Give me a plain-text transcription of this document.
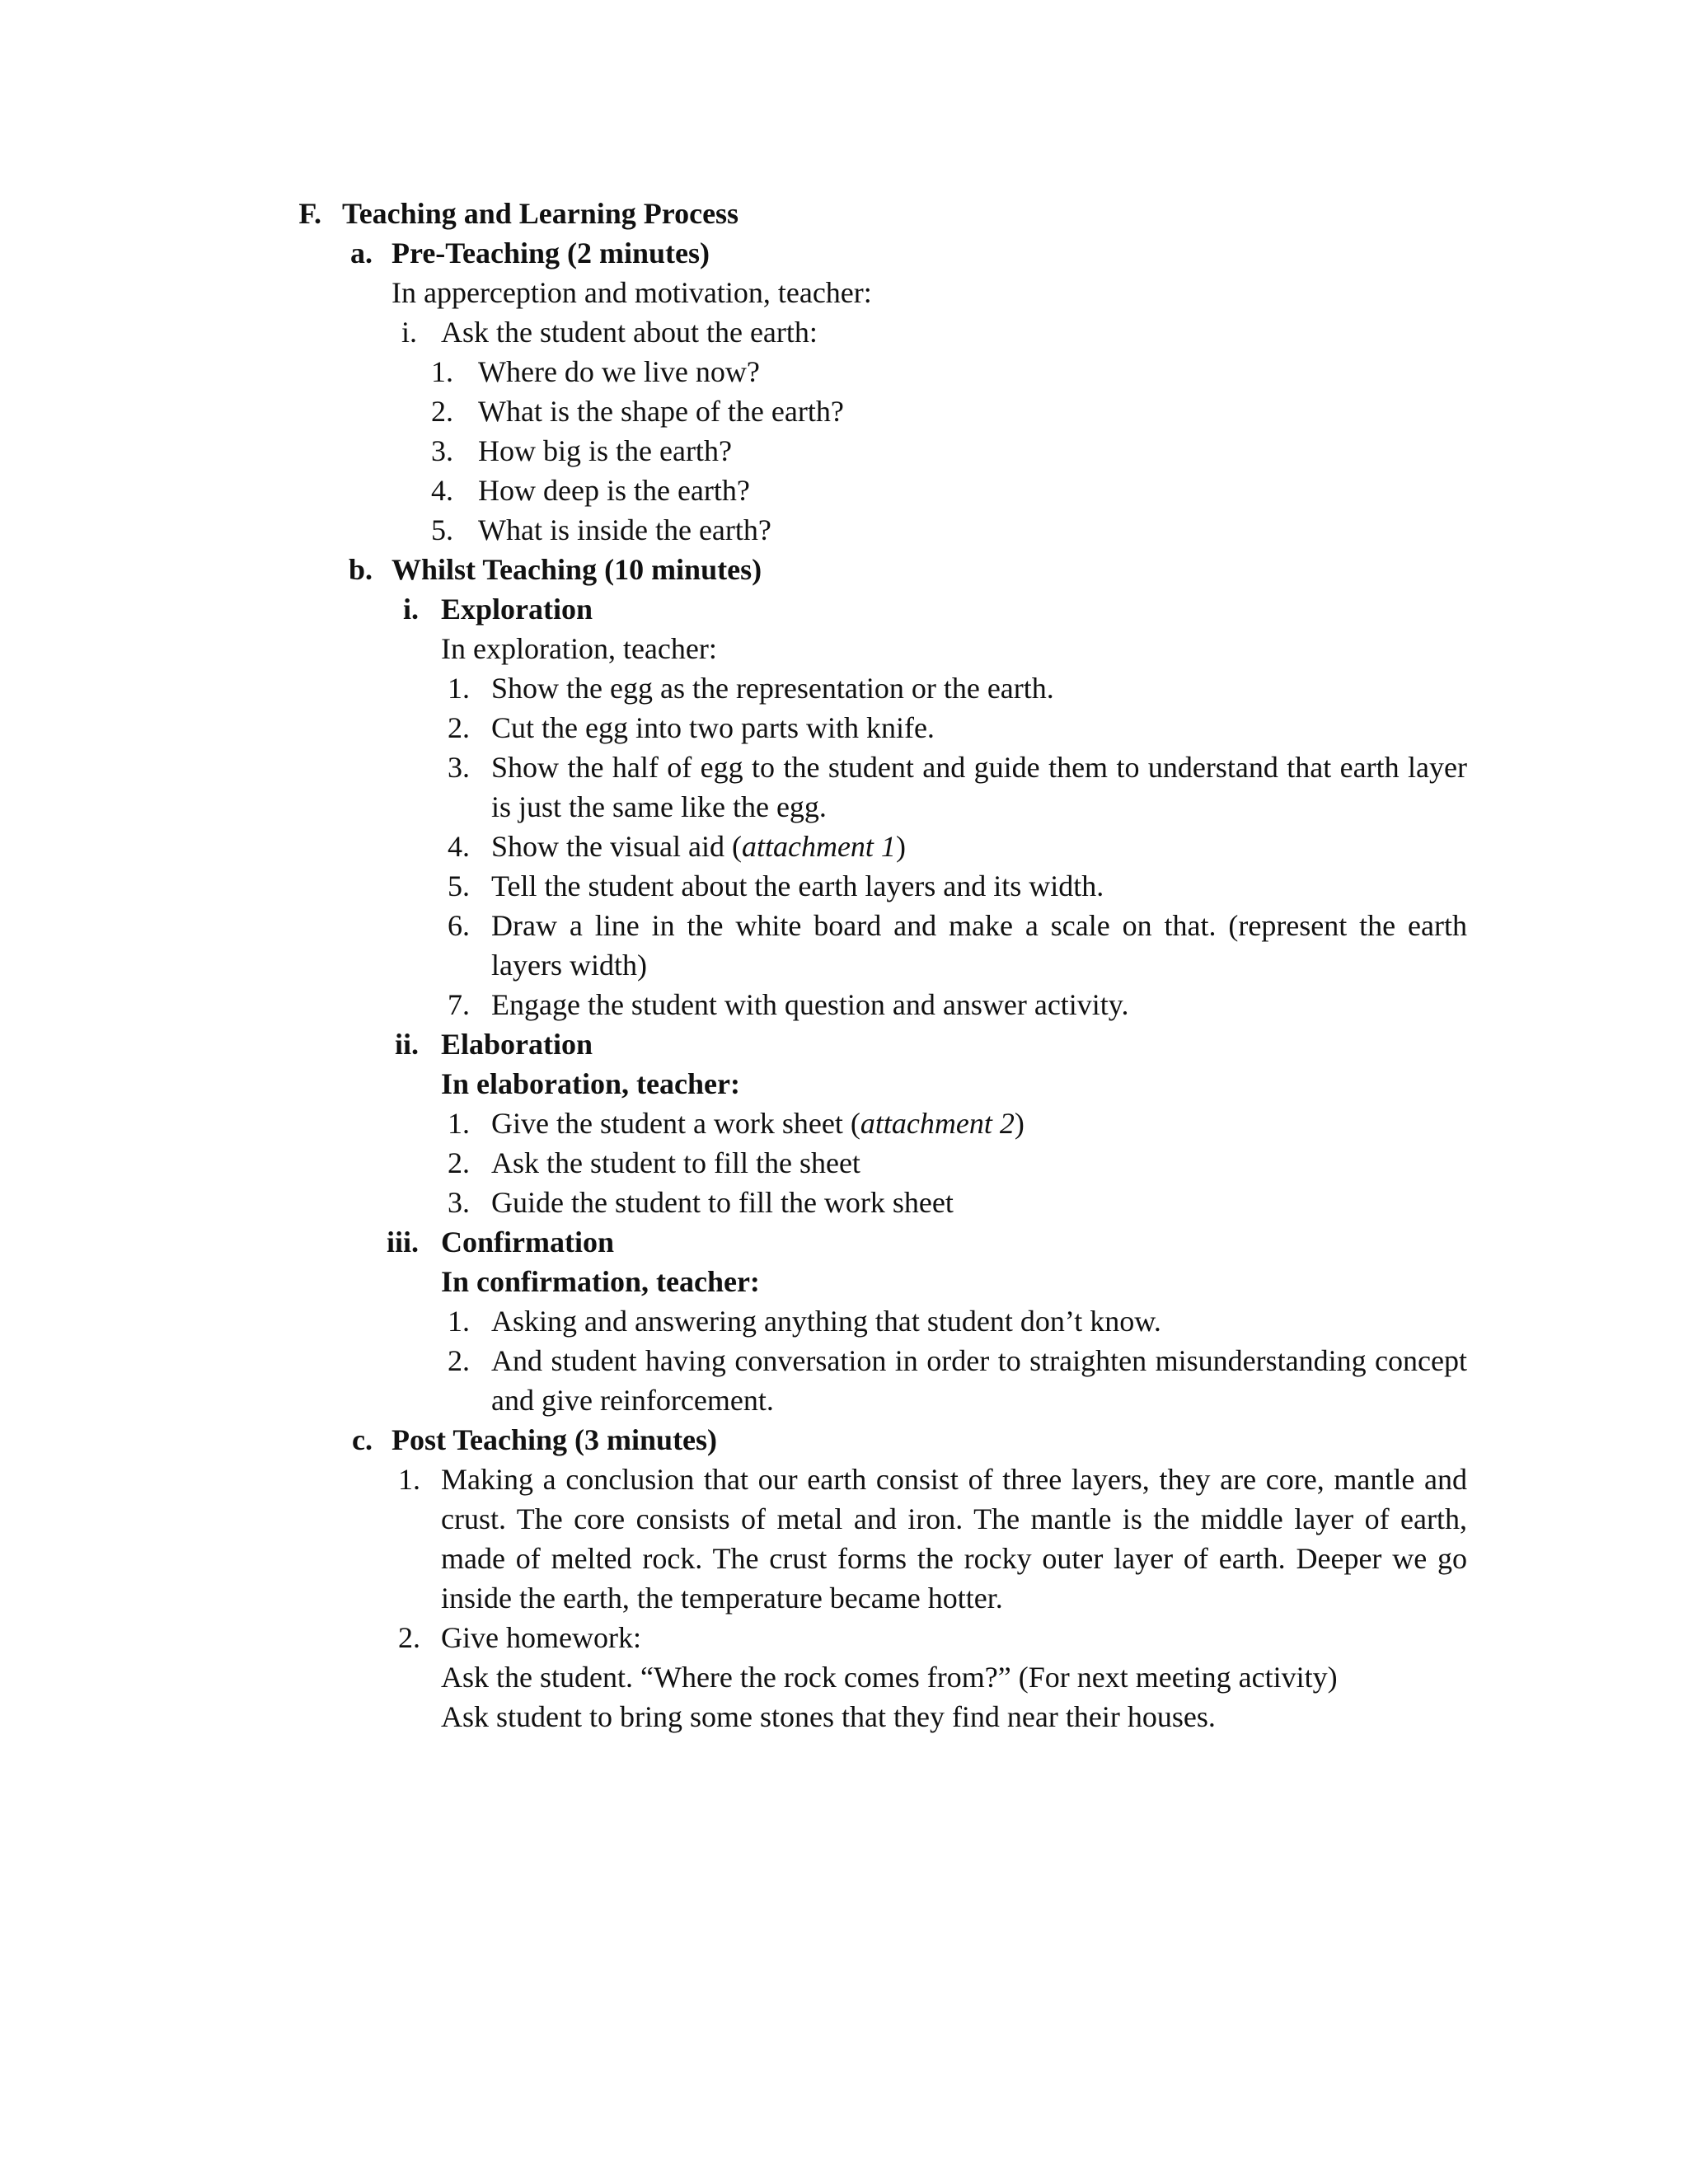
F. Teaching and Learning Process
a. Pre-Teaching (2 minutes)
In apperception and motivation, teacher:
i. Ask the student about the earth:
1. Where do we live now?
2. What is the shape of the earth?
3. How big is the earth?
4. How deep is the earth?
5. What is inside the earth?
b. Whilst Teaching (10 minutes)
i. Exploration
In exploration, teacher:
1. Show the egg as the representation or the earth.
2. Cut the egg into two parts with knife.
3. Show the half of egg to the student and guide them to understand that earth layer
is just the same like the egg.
4. Show the visual aid (attachment 1)
5. Tell the student about the earth layers and its width.
6. Draw a line in the white board and make a scale on that. (represent the earth
layers width)
7. Engage the student with question and answer activity.
ii. Elaboration
In elaboration, teacher:
1. Give the student a work sheet (attachment 2)
2. Ask the student to fill the sheet
3. Guide the student to fill the work sheet
iii. Confirmation
In confirmation, teacher:
1. Asking and answering anything that student don’t know.
2. And student having conversation in order to straighten misunderstanding concept
and give reinforcement.
c. Post Teaching (3 minutes)
1. Making a conclusion that our earth consist of three layers, they are core, mantle and
crust. The core consists of metal and iron. The mantle is the middle layer of earth,
made of melted rock. The crust forms the rocky outer layer of earth. Deeper we go
inside the earth, the temperature became hotter.
2. Give homework:
Ask the student. “Where the rock comes from?” (For next meeting activity)
Ask student to bring some stones that they find near their houses.
